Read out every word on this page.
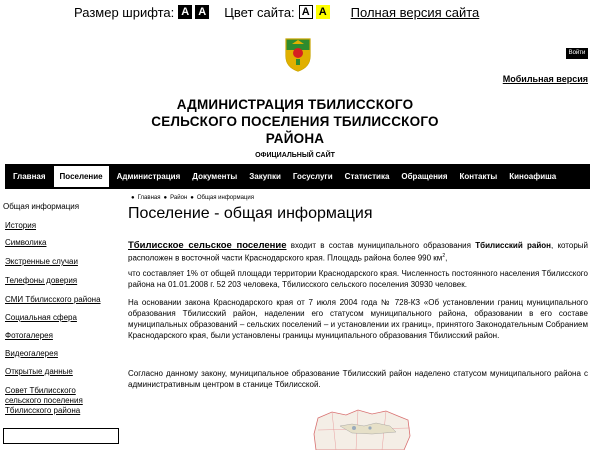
Размер шрифта: A A Цвет сайта: A A Полная версия сайта
Войти
Мобильная версия
АДМИНИСТРАЦИЯ ТБИЛИССКОГО СЕЛЬСКОГО ПОСЕЛЕНИЯ ТБИЛИССКОГО РАЙОНА
ОФИЦИАЛЬНЫЙ САЙТ
Главная	Поселение	Администрация	Документы	Закупки	Госуслуги	Статистика	Обращения	Контакты	Киноафиша
Общая информация
История
Символика
Экстренные случаи
Телефоны доверия
СМИ Тбилисского района
Социальная сфера
Фотогалерея
Видеогалерея
Открытые данные
Совет Тбилисского сельского поселения Тбилисского района
● Главная ● Район ● Общая информация
Поселение - общая информация
Тбилисское сельское поселение входит в состав муниципального образования Тбилисский район, который расположен в восточной части Краснодарского края. Площадь района более 990 $км^2$,
что составляет 1% от общей площади территории Краснодарского края. Численность постоянного населения Тбилисского района на 01.01.2008 г. 52 203 человека, Тбилисского сельского поселения 30930 человек.
На основании закона Краснодарского края от 7 июля 2004 года № 728-КЗ «Об установлении границ муниципального образования Тбилисский район, наделении его статусом муниципального района, образовании в его составе муниципальных образований – сельских поселений – и установлении их границ», принятого Законодательным Собранием Краснодарского края, были установлены границы муниципального образования Тбилисский район.
Согласно данному закону, муниципальное образование Тбилисский район наделено статусом муниципального района с административным центром в станице Тбилисской.
